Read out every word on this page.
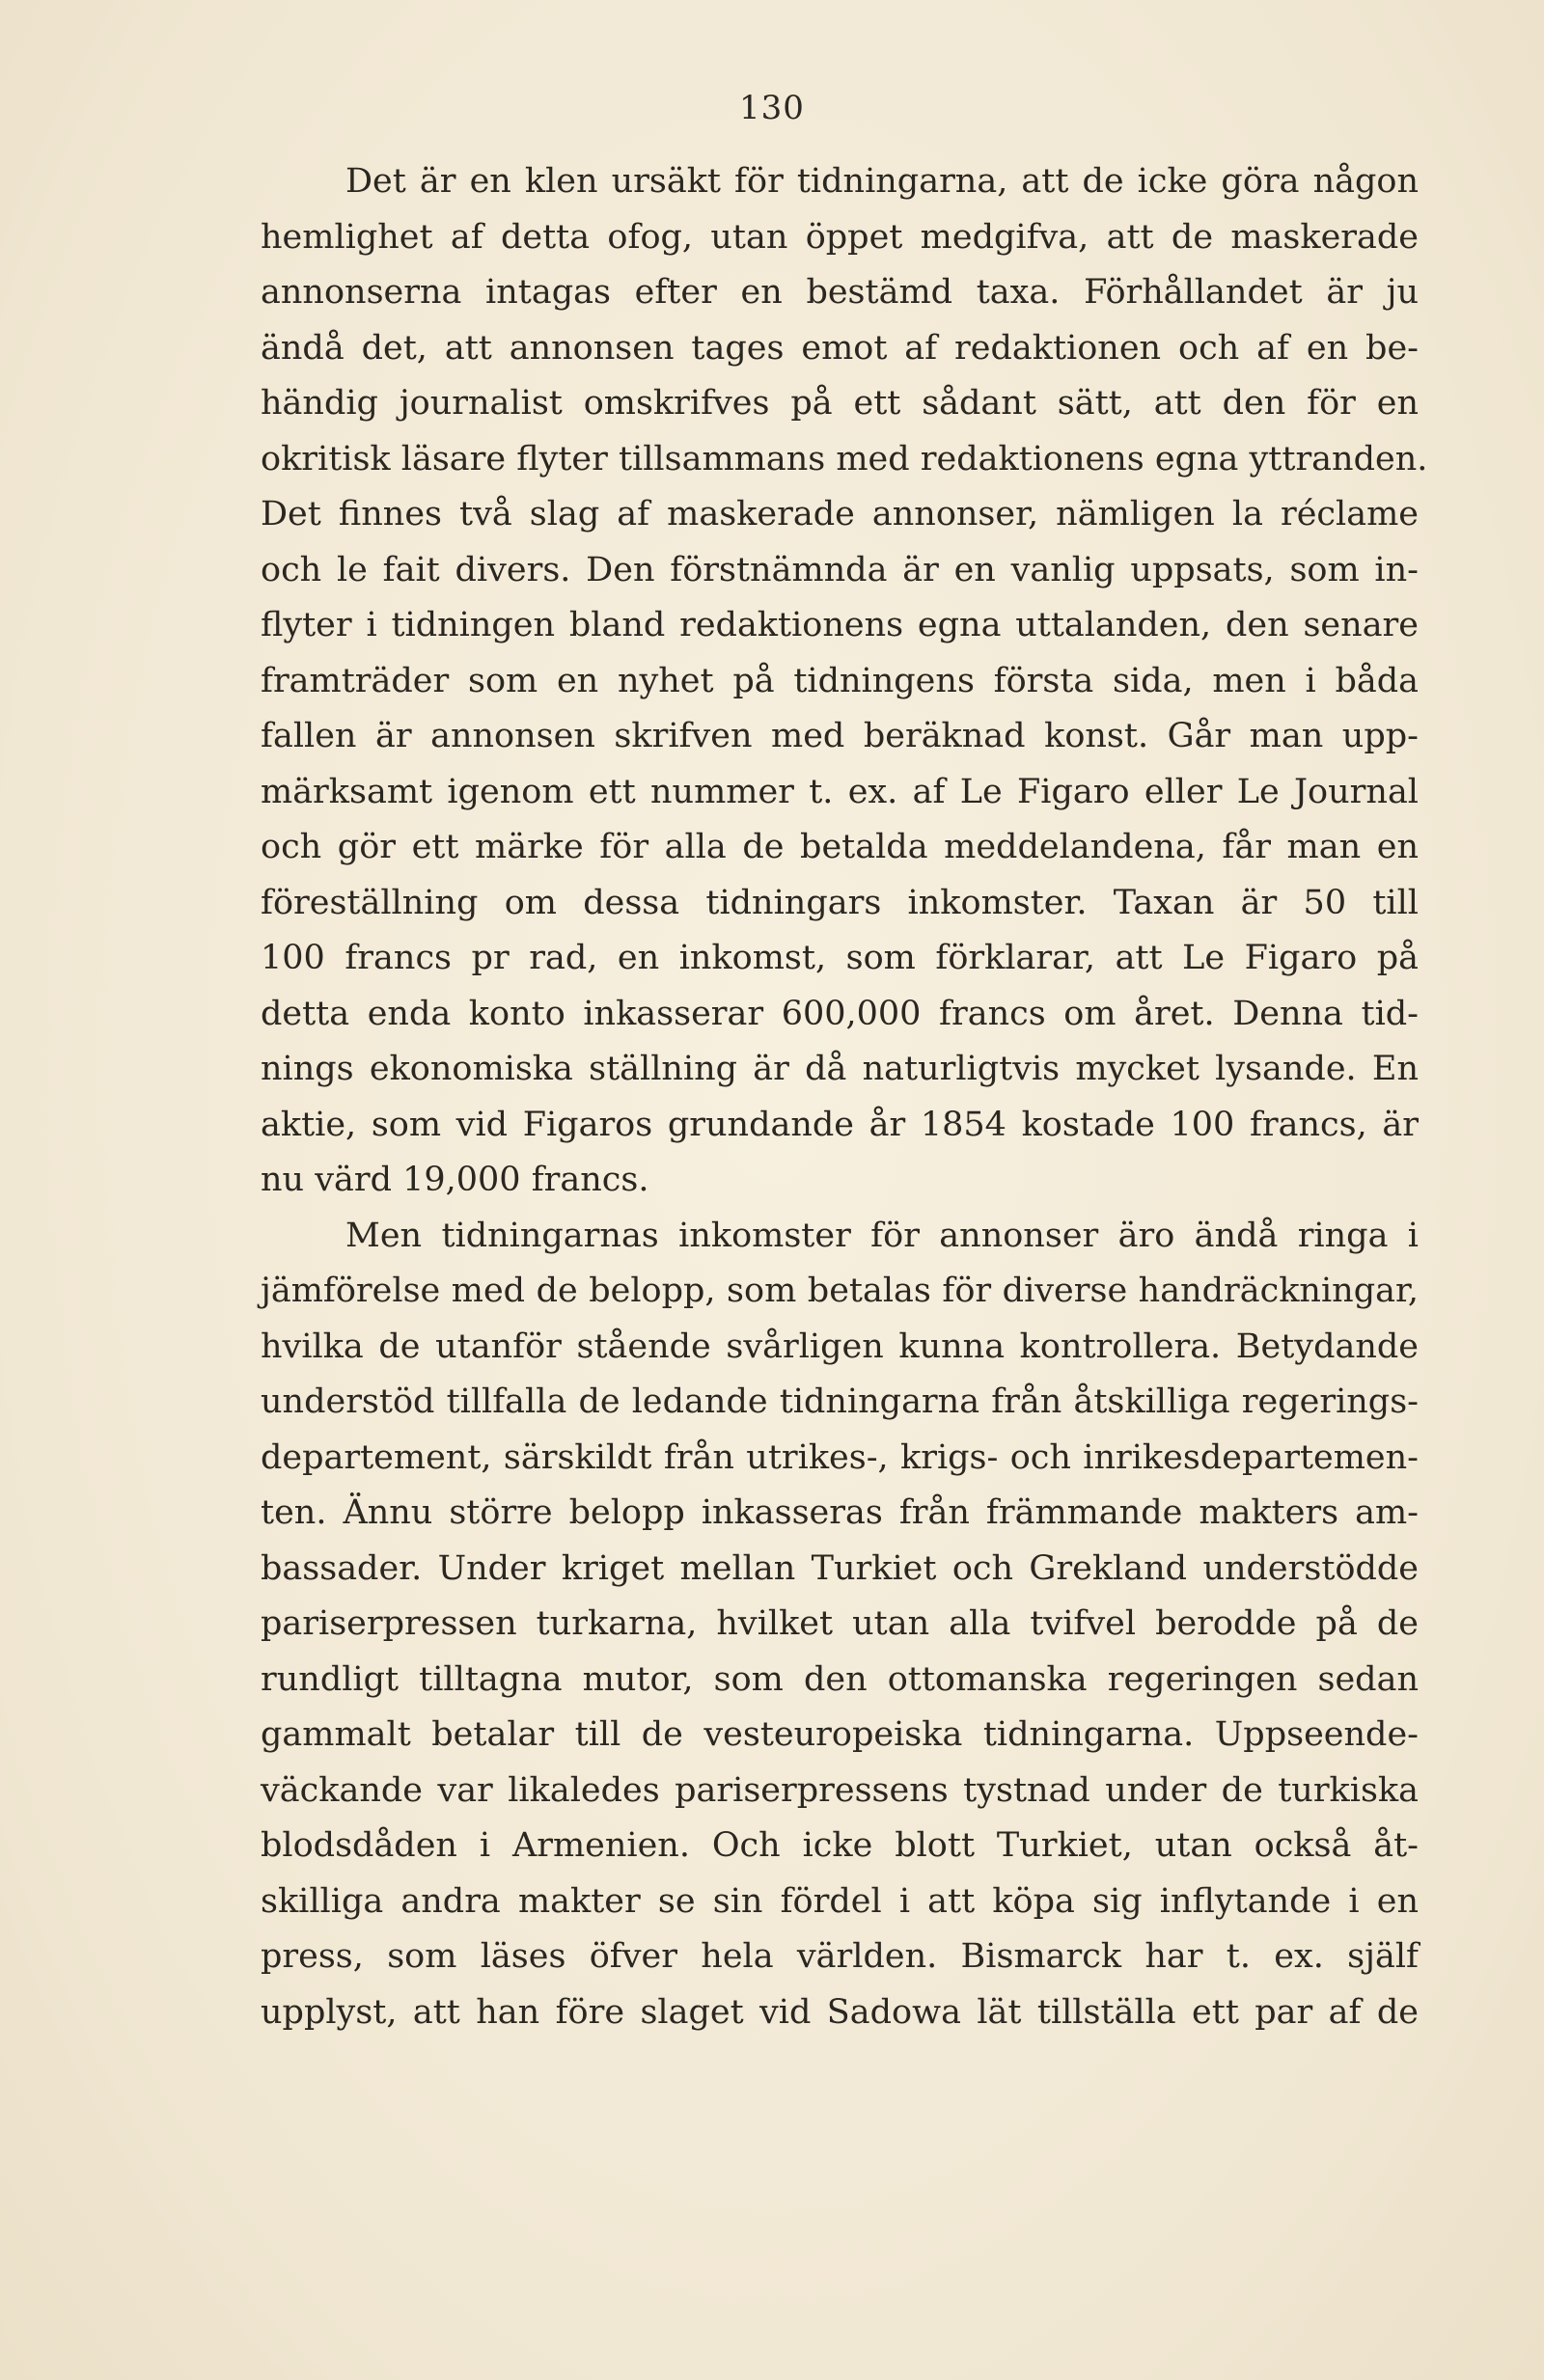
130
Det är en klen ursäkt för tidningarna, att de icke göra någon
hemlighet af detta ofog, utan öppet medgifva, att de maskerade
annonserna intagas efter en bestämd taxa. Förhållandet är ju
ändå det, att annonsen tages emot af redaktionen och af en be-
händig journalist omskrifves på ett sådant sätt, att den för en
okritisk läsare flyter tillsammans med redaktionens egna yttranden.
Det finnes två slag af maskerade annonser, nämligen la réclame
och le fait divers. Den förstnämnda är en vanlig uppsats, som in-
flyter i tidningen bland redaktionens egna uttalanden, den senare
framträder som en nyhet på tidningens första sida, men i båda
fallen är annonsen skrifven med beräknad konst. Går man upp-
märksamt igenom ett nummer t. ex. af Le Figaro eller Le Journal
och gör ett märke för alla de betalda meddelandena, får man en
föreställning om dessa tidningars inkomster. Taxan är 50 till
100 francs pr rad, en inkomst, som förklarar, att Le Figaro på
detta enda konto inkasserar 600,000 francs om året. Denna tid-
nings ekonomiska ställning är då naturligtvis mycket lysande. En
aktie, som vid Figaros grundande år 1854 kostade 100 francs, är
nu värd 19,000 francs.
Men tidningarnas inkomster för annonser äro ändå ringa i
jämförelse med de belopp, som betalas för diverse handräckningar,
hvilka de utanför stående svårligen kunna kontrollera. Betydande
understöd tillfalla de ledande tidningarna från åtskilliga regerings-
departement, särskildt från utrikes-, krigs- och inrikesdepartemen-
ten. Ännu större belopp inkasseras från främmande makters am-
bassader. Under kriget mellan Turkiet och Grekland understödde
pariserpressen turkarna, hvilket utan alla tvifvel berodde på de
rundligt tilltagna mutor, som den ottomanska regeringen sedan
gammalt betalar till de vesteuropeiska tidningarna. Uppseende-
väckande var likaledes pariserpressens tystnad under de turkiska
blodsdåden i Armenien. Och icke blott Turkiet, utan också åt-
skilliga andra makter se sin fördel i att köpa sig inflytande i en
press, som läses öfver hela världen. Bismarck har t. ex. själf
upplyst, att han före slaget vid Sadowa lät tillställa ett par af de
